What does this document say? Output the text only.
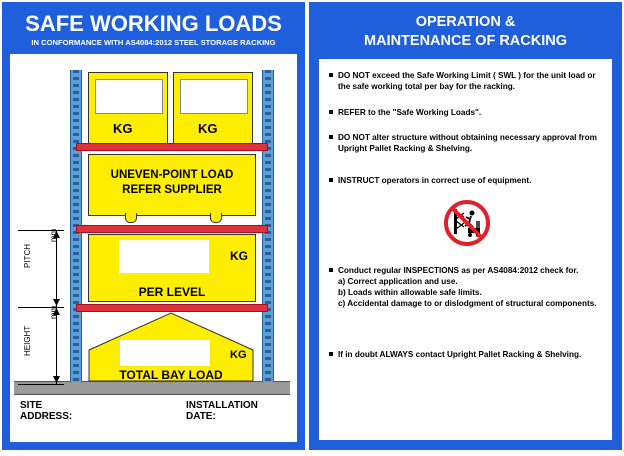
SAFE WORKING LOADS
IN CONFORMANCE WITH AS4084:2012 STEEL STORAGE RACKING
KG	KG
UNEVEN-POINT LOAD
REFER SUPPLIER
KG
PER LEVEL
KG
TOTAL BAY LOAD
PITCH
mm
HEIGHT
mm
SITE ADDRESS:
INSTALLATION DATE:
OPERATION &
MAINTENANCE OF RACKING
DO NOT exceed the Safe Working Limit ( SWL ) for the unit load or the safe working total per bay for the racking.
REFER to the "Safe Working Loads".
DO NOT alter structure without obtaining necessary approval from Upright Pallet Racking & Shelving.
INSTRUCT operators in correct use of equipment.
Conduct regular INSPECTIONS as per AS4084:2012 check for.
a) Correct application and use.
b) Loads within allowable safe limits.
c) Accidental damage to or dislodgment of structural components.
If in doubt ALWAYS contact Upright Pallet Racking & Shelving.
